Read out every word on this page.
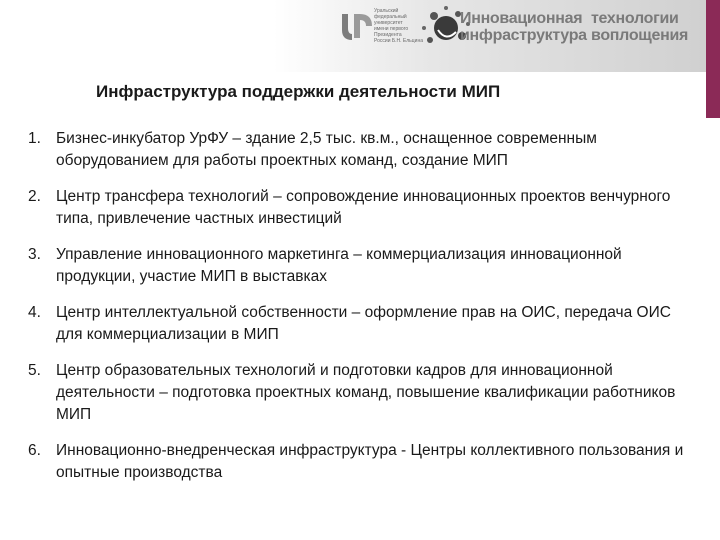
Уральский
федеральный
университет
имени первого Президента
России Б.Н. Ельцина
Инновационная
инфраструктура
технологии
воплощения
Инфраструктура поддержки деятельности МИП
1. Бизнес-инкубатор УрФУ – здание 2,5 тыс. кв.м., оснащенное современным оборудованием для работы проектных команд, создание МИП
2. Центр трансфера технологий – сопровождение инновационных проектов венчурного типа, привлечение частных инвестиций
3. Управление инновационного маркетинга – коммерциализация инновационной продукции, участие МИП в выставках
4. Центр интеллектуальной собственности – оформление прав на ОИС, передача ОИС для коммерциализации в МИП
5. Центр образовательных технологий и подготовки кадров для инновационной деятельности – подготовка проектных команд, повышение квалификации работников МИП
6. Инновационно-внедренческая инфраструктура - Центры коллективного пользования и опытные производства
